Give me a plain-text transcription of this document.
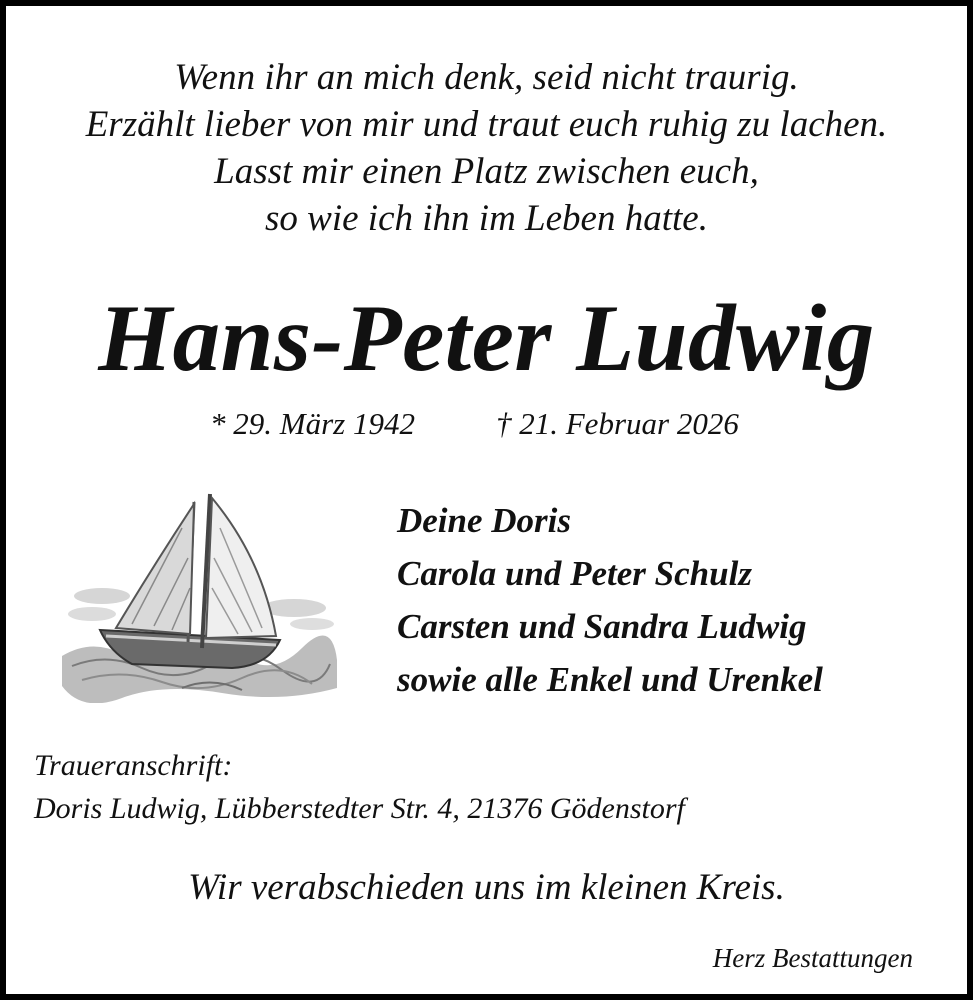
Wenn ihr an mich denk, seid nicht traurig.
Erzählt lieber von mir und traut euch ruhig zu lachen.
Lasst mir einen Platz zwischen euch,
so wie ich ihn im Leben hatte.
Hans-Peter Ludwig
* 29. März 1942	† 21. Februar 2026
Deine Doris
Carola und Peter Schulz
Carsten und Sandra Ludwig
sowie alle Enkel und Urenkel
Traueranschrift:
Doris Ludwig, Lübberstedter Str. 4, 21376 Gödenstorf
Wir verabschieden uns im kleinen Kreis.
Herz Bestattungen
